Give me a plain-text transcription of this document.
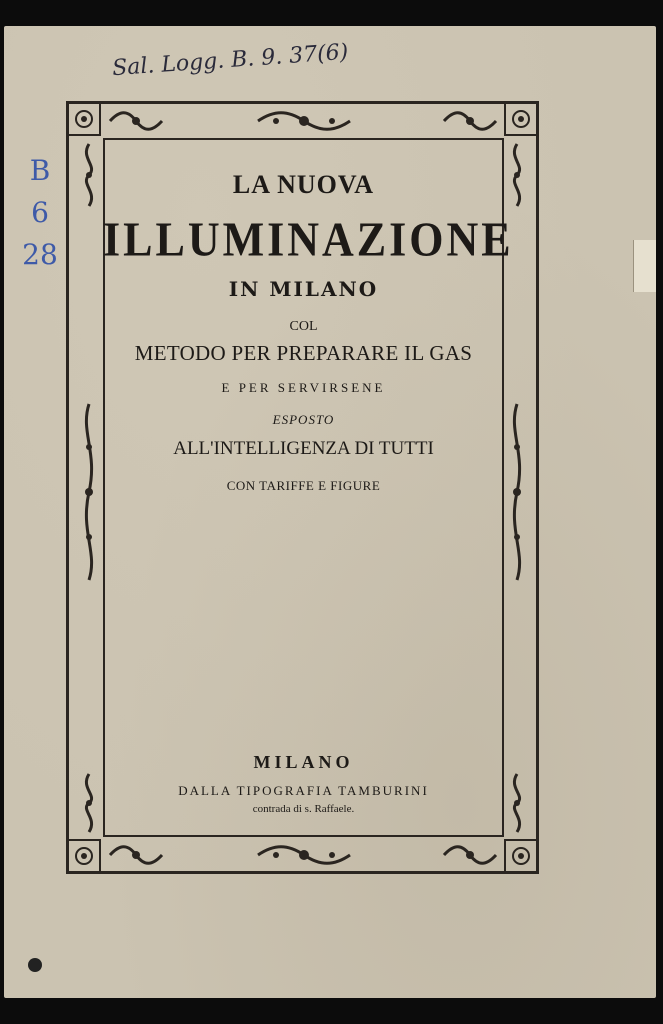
Sal. Logg. B. 9. 37(6)
B
6
28
LA NUOVA
ILLUMINAZIONE
IN MILANO
COL
METODO PER PREPARARE IL GAS
E PER SERVIRSENE
ESPOSTO
ALL'INTELLIGENZA DI TUTTI
CON TARIFFE E FIGURE
MILANO
DALLA TIPOGRAFIA TAMBURINI
contrada di s. Raffaele.
